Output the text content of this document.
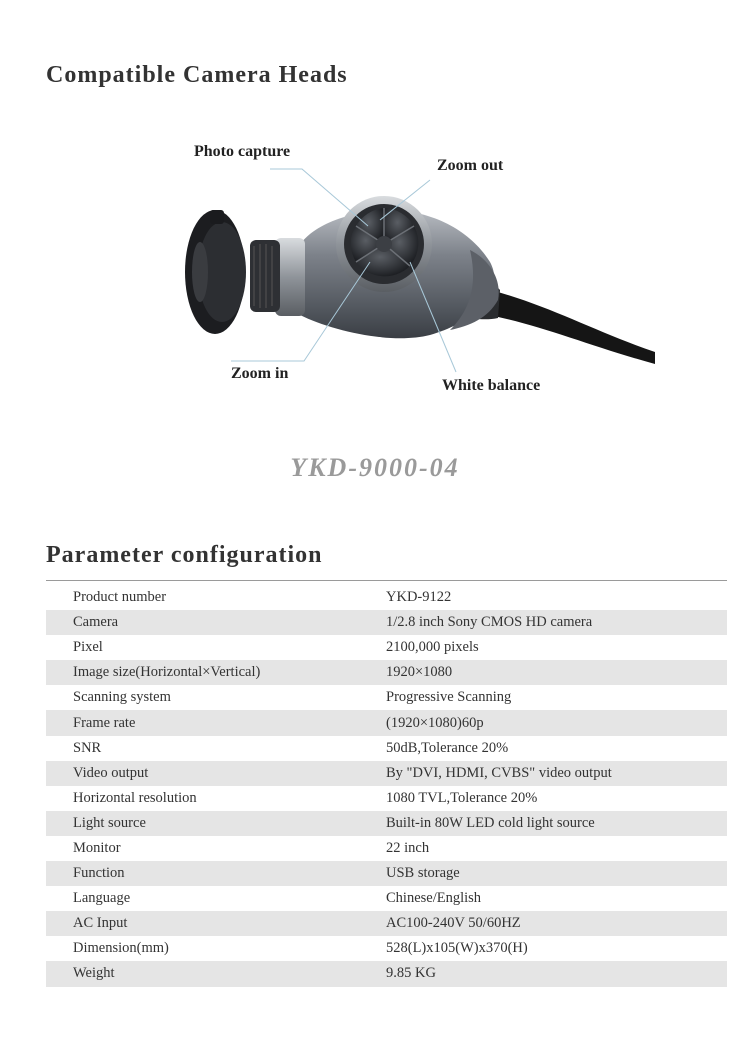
Compatible Camera Heads
Photo capture
Zoom out
Zoom in
White balance
YKD-9000-04
Parameter configuration
Product number	YKD-9122
Camera	1/2.8 inch Sony CMOS HD camera
Pixel	2100,000 pixels
Image size(Horizontal×Vertical)	1920×1080
Scanning system	Progressive Scanning
Frame rate	(1920×1080)60p
SNR	50dB,Tolerance 20%
Video output	By "DVI, HDMI, CVBS" video output
Horizontal resolution	1080 TVL,Tolerance 20%
Light source	Built-in 80W LED cold light source
Monitor	22 inch
Function	USB storage
Language	Chinese/English
AC Input	AC100-240V 50/60HZ
Dimension(mm)	528(L)x105(W)x370(H)
Weight	9.85 KG
